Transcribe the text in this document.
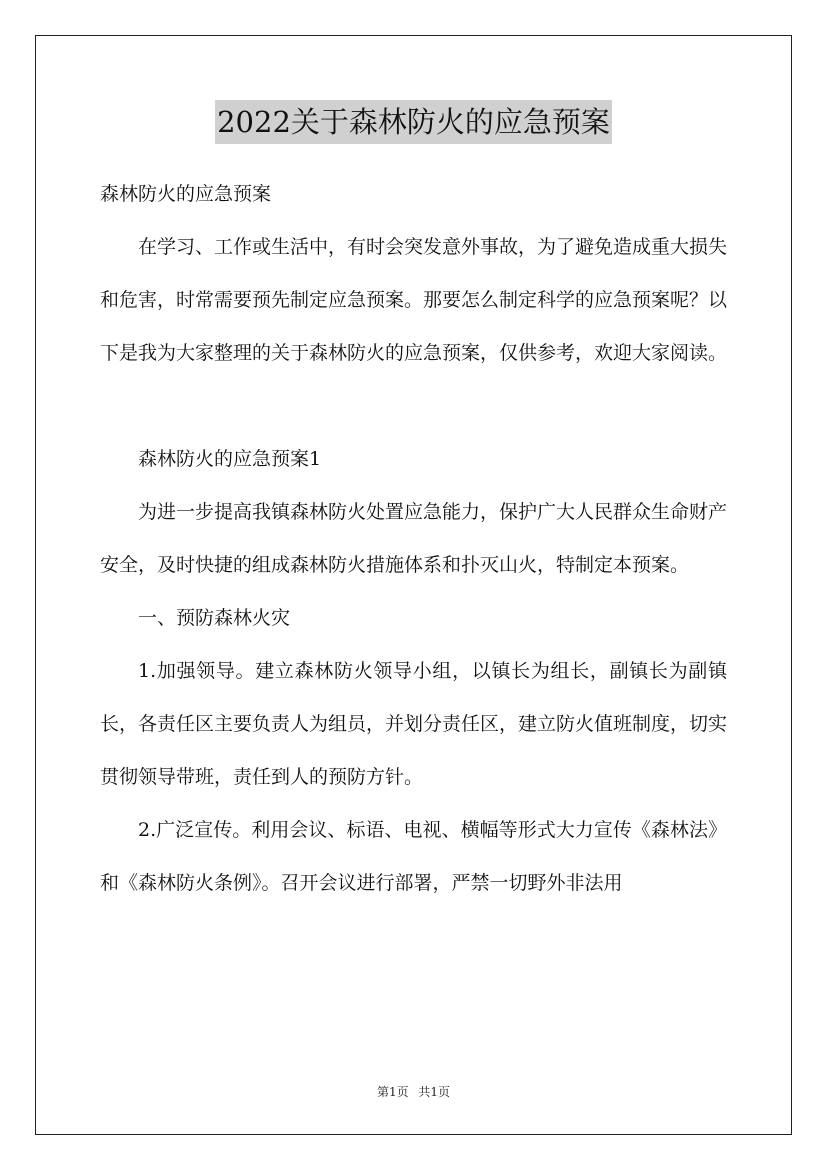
2022关于森林防火的应急预案

森林防火的应急预案

在学习、工作或生活中，有时会突发意外事故，为了避免造成重大损失和危害，时常需要预先制定应急预案。那要怎么制定科学的应急预案呢？以下是我为大家整理的关于森林防火的应急预案，仅供参考，欢迎大家阅读。

森林防火的应急预案1

为进一步提高我镇森林防火处置应急能力，保护广大人民群众生命财产安全，及时快捷的组成森林防火措施体系和扑灭山火，特制定本预案。

一、预防森林火灾

1.加强领导。建立森林防火领导小组，以镇长为组长，副镇长为副镇长，各责任区主要负责人为组员，并划分责任区，建立防火值班制度，切实贯彻领导带班，责任到人的预防方针。

2.广泛宣传。利用会议、标语、电视、横幅等形式大力宣传《森林法》和《森林防火条例》。召开会议进行部署，严禁一切野外非法用

第1页 共1页
